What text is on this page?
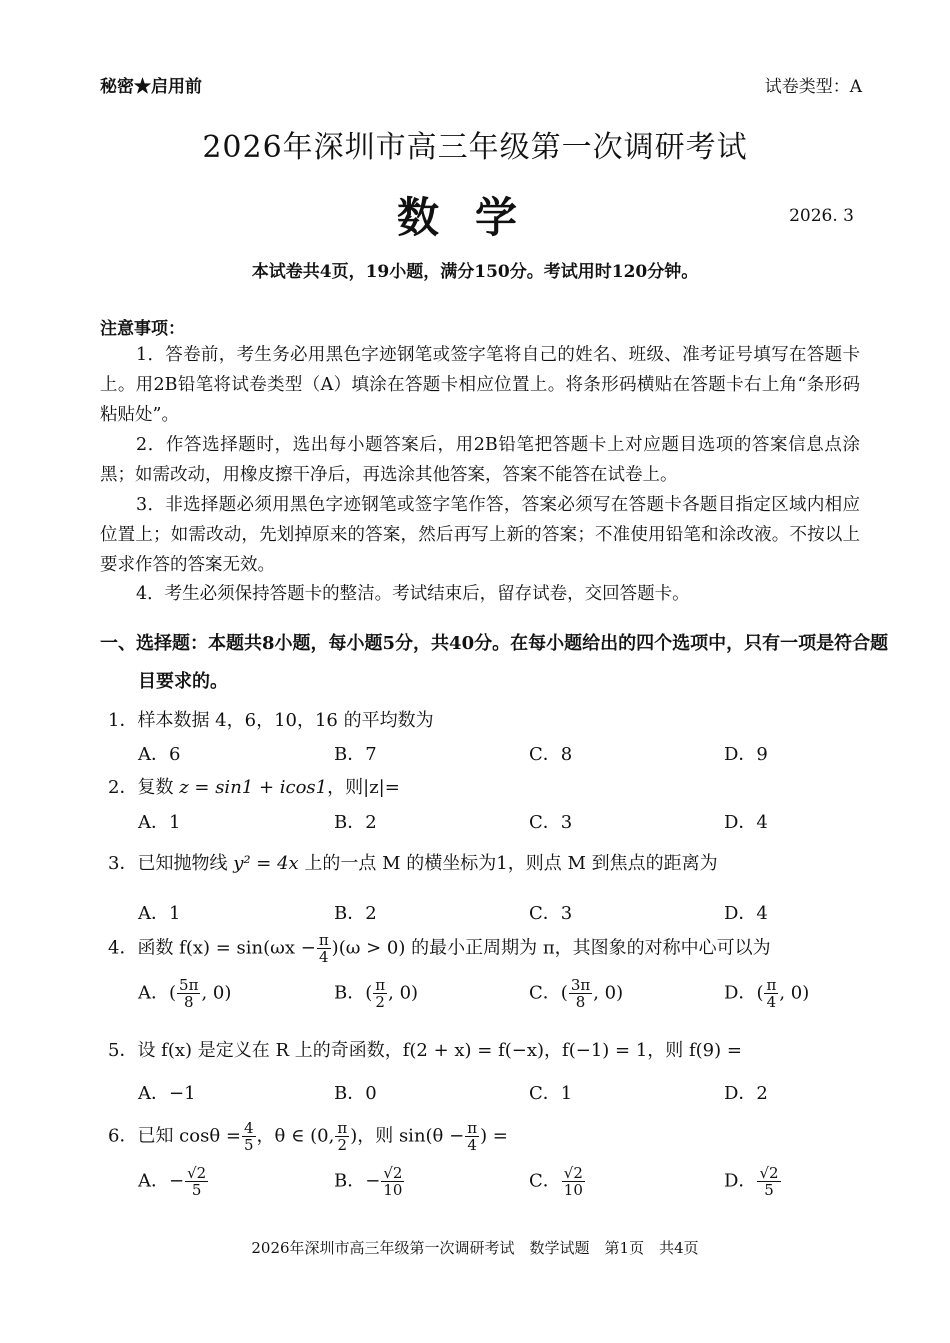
秘密★启用前	试卷类型：A
2026年深圳市高三年级第一次调研考试
数学	2026. 3
本试卷共4页，19小题，满分150分。考试用时120分钟。
注意事项：
1．答卷前，考生务必用黑色字迹钢笔或签字笔将自己的姓名、班级、准考证号填写在答题卡上。用2B铅笔将试卷类型（A）填涂在答题卡相应位置上。将条形码横贴在答题卡右上角“条形码粘贴处”。
2．作答选择题时，选出每小题答案后，用2B铅笔把答题卡上对应题目选项的答案信息点涂黑；如需改动，用橡皮擦干净后，再选涂其他答案，答案不能答在试卷上。
3．非选择题必须用黑色字迹钢笔或签字笔作答，答案必须写在答题卡各题目指定区域内相应位置上；如需改动，先划掉原来的答案，然后再写上新的答案；不准使用铅笔和涂改液。不按以上要求作答的答案无效。
4．考生必须保持答题卡的整洁。考试结束后，留存试卷，交回答题卡。
一、选择题：本题共8小题，每小题5分，共40分。在每小题给出的四个选项中，只有一项是符合题目要求的。
1．样本数据 4，6，10，16 的平均数为
A．6	B．7	C．8	D．9
2．复数 z = sin1 + icos1，则|z|=
A．1	B．2	C．3	D．4
3．已知抛物线 y² = 4x 上的一点 M 的横坐标为1，则点 M 到焦点的距离为
A．1	B．2	C．3	D．4
4．函数 $f(x) = \sin(\omega x - \frac{\pi}{4} )(\omega > 0)$ 的最小正周期为 π，其图象的对称中心可以为
A．( $\frac{5\pi}{8}$ , 0)	B．( $\frac{\pi}{2}$ , 0)	C．( $\frac{3\pi}{8}$ , 0)	D．( $\frac{\pi}{4}$ , 0)
5．设 f(x) 是定义在 R 上的奇函数，f(2 + x) = f(−x)，f(−1) = 1，则 f(9) =
A．−1	B．0	C．1	D．2
6．已知 $\cos\theta = \frac{4}{5}$ ，θ ∈ (0, $\frac{\pi}{2}$ )，则 $\sin(\theta - \frac{\pi}{4}$ ) =
A．− $\frac{√2}{5}$	B．− $\frac{√2}{10}$	C． $\frac{√2}{10}$	D． $\frac{√2}{5}$
2026年深圳市高三年级第一次调研考试　数学试题　第1页　共4页
